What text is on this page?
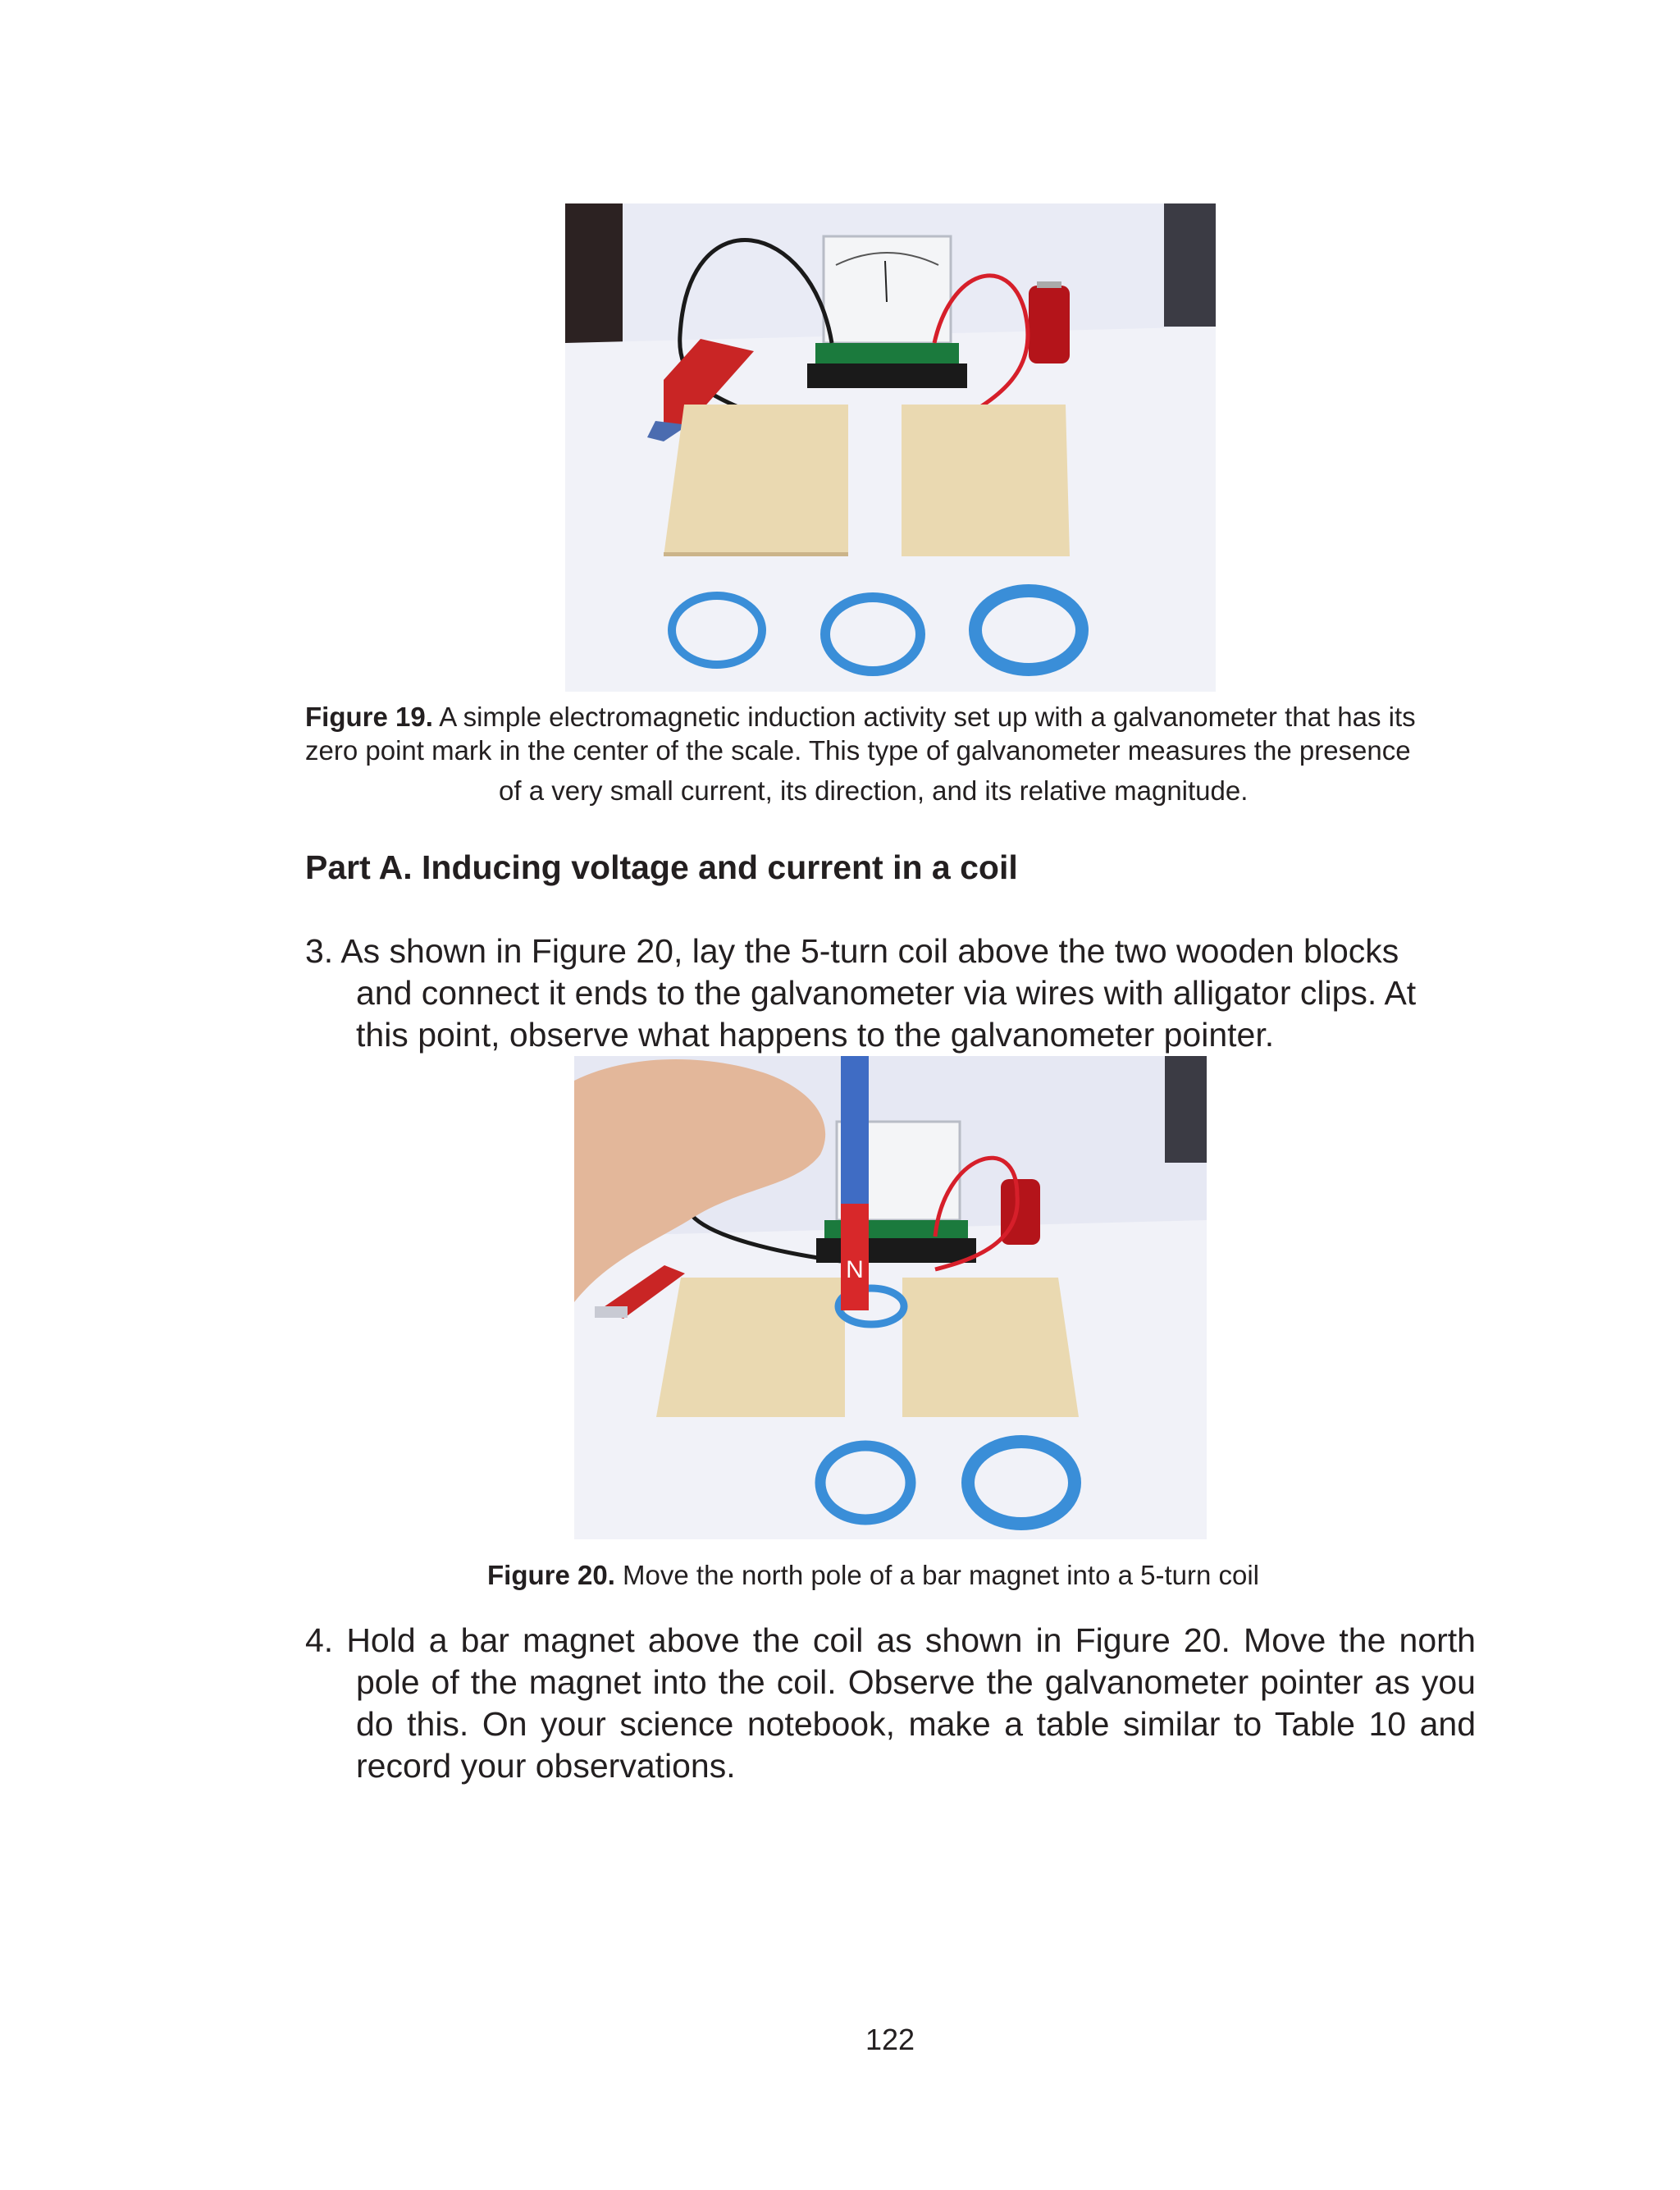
Figure 19. A simple electromagnetic induction activity set up with a galvanometer that has its
zero point mark in the center of the scale. This type of galvanometer measures the presence
of a very small current, its direction, and its relative magnitude.
Part A. Inducing voltage and current in a coil
3. As shown in Figure 20, lay the 5-turn coil above the two wooden blocks
and connect it ends to the galvanometer via wires with alligator clips. At
this point, observe what happens to the galvanometer pointer.
N
Figure 20. Move the north pole of a bar magnet into a 5-turn coil
4. Hold a bar magnet above the coil as shown in Figure 20. Move the north
pole of the magnet into the coil. Observe the galvanometer pointer as you
do this. On your science notebook, make a table similar to Table 10 and
record your observations.
122
